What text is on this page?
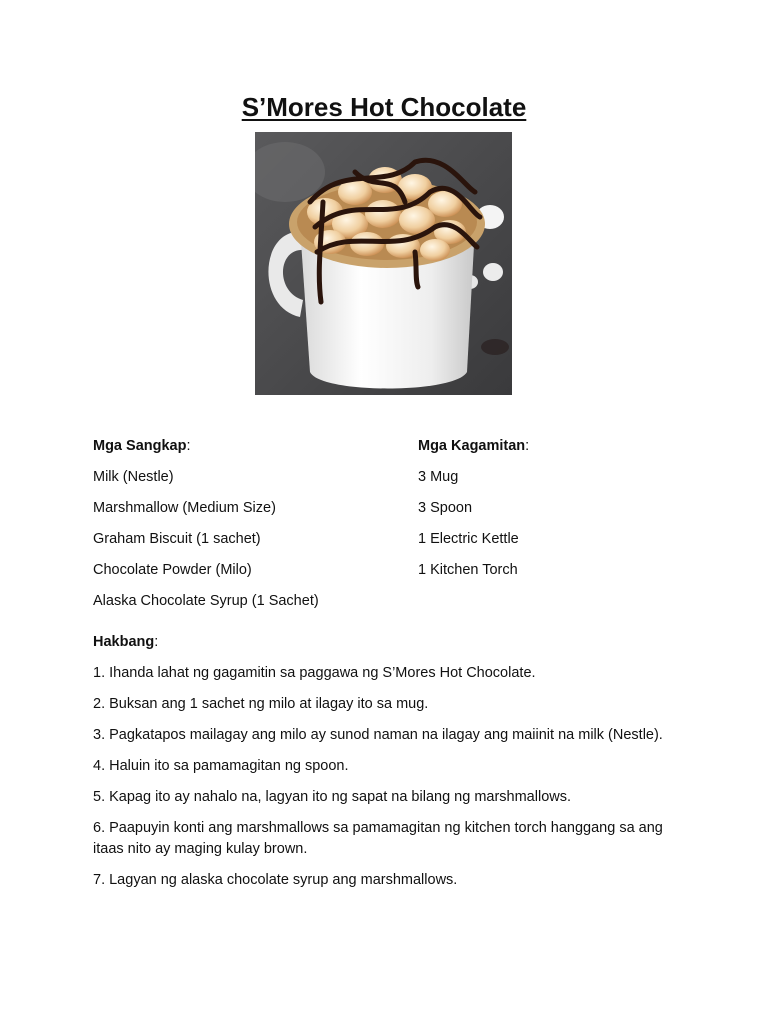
S’Mores Hot Chocolate

Mga Sangkap:

Milk (Nestle)

Marshmallow (Medium Size)

Graham Biscuit (1 sachet)

Chocolate Powder (Milo)

Alaska Chocolate Syrup (1 Sachet)

Mga Kagamitan:

3 Mug

3 Spoon

1 Electric Kettle

1 Kitchen Torch

Hakbang:

1. Ihanda lahat ng gagamitin sa paggawa ng S’Mores Hot Chocolate.

2. Buksan ang 1 sachet ng milo at ilagay ito sa mug.

3. Pagkatapos mailagay ang milo ay sunod naman na ilagay ang maiinit na milk (Nestle).

4. Haluin ito sa pamamagitan ng spoon.

5. Kapag ito ay nahalo na, lagyan ito ng sapat na bilang ng marshmallows.

6. Paapuyin konti ang marshmallows sa pamamagitan ng kitchen torch hanggang sa ang itaas nito ay maging kulay brown.

7. Lagyan ng alaska chocolate syrup ang marshmallows.
